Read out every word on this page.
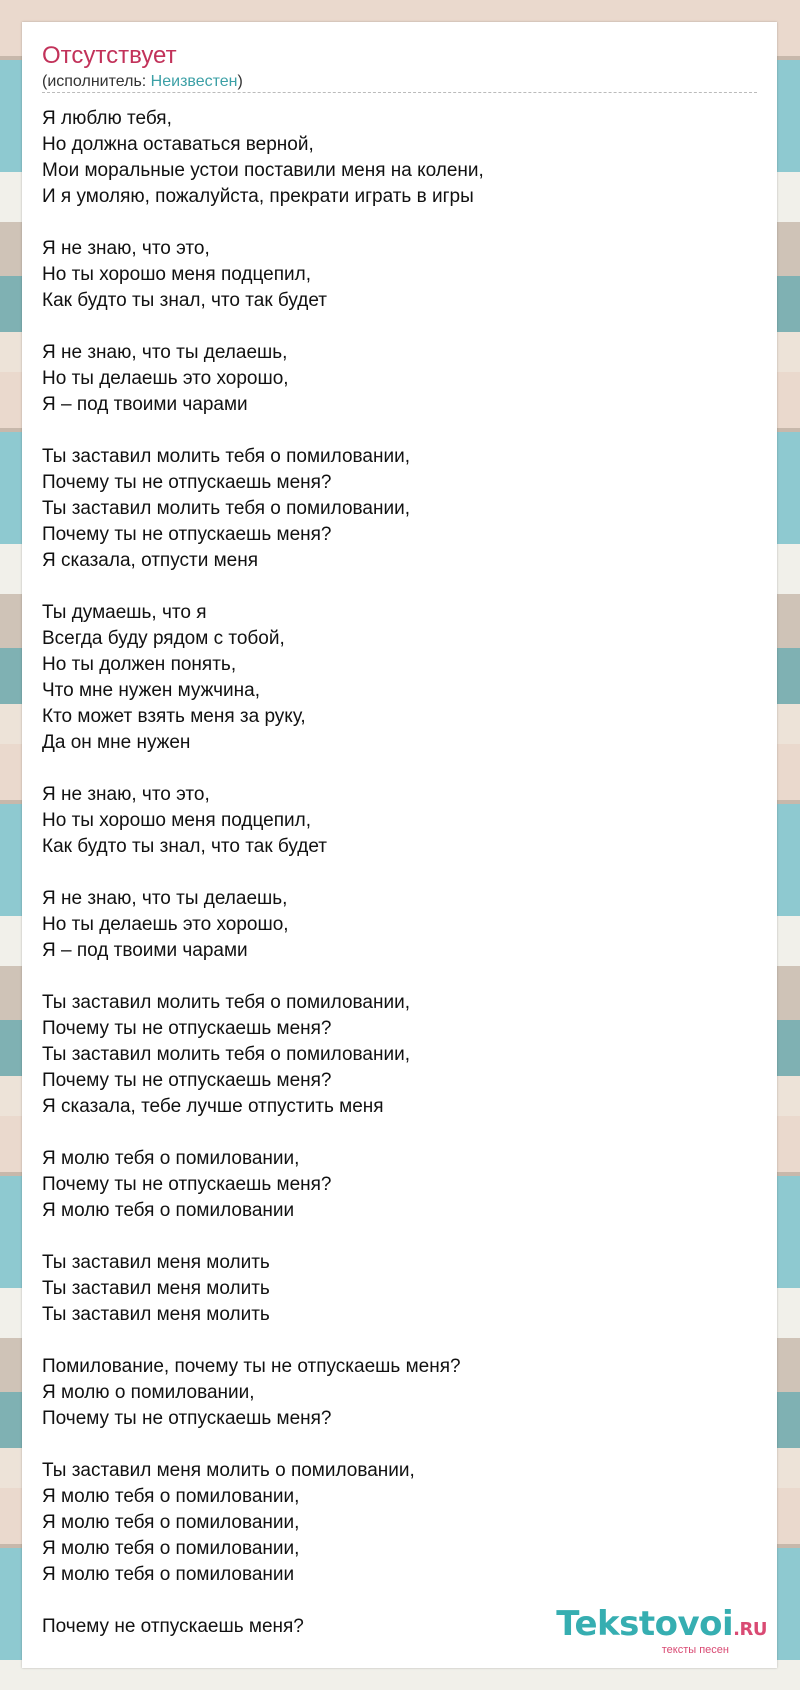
Отсутствует
(исполнитель: Неизвестен)
Я люблю тебя,
Но должна оставаться верной,
Мои моральные устои поставили меня на колени,
И я умоляю, пожалуйста, прекрати играть в игры
Я не знаю, что это,
Но ты хорошо меня подцепил,
Как будто ты знал, что так будет
Я не знаю, что ты делаешь,
Но ты делаешь это хорошо,
Я – под твоими чарами
Ты заставил молить тебя о помиловании,
Почему ты не отпускаешь меня?
Ты заставил молить тебя о помиловании,
Почему ты не отпускаешь меня?
Я сказала, отпусти меня
Ты думаешь, что я
Всегда буду рядом с тобой,
Но ты должен понять,
Что мне нужен мужчина,
Кто может взять меня за руку,
Да он мне нужен
Я не знаю, что это,
Но ты хорошо меня подцепил,
Как будто ты знал, что так будет
Я не знаю, что ты делаешь,
Но ты делаешь это хорошо,
Я – под твоими чарами
Ты заставил молить тебя о помиловании,
Почему ты не отпускаешь меня?
Ты заставил молить тебя о помиловании,
Почему ты не отпускаешь меня?
Я сказала, тебе лучше отпустить меня
Я молю тебя о помиловании,
Почему ты не отпускаешь меня?
Я молю тебя о помиловании
Ты заставил меня молить
Ты заставил меня молить
Ты заставил меня молить
Помилование, почему ты не отпускаешь меня?
Я молю о помиловании,
Почему ты не отпускаешь меня?
Ты заставил меня молить о помиловании,
Я молю тебя о помиловании,
Я молю тебя о помиловании,
Я молю тебя о помиловании,
Я молю тебя о помиловании
Почему не отпускаешь меня?	Tekstovoi.RU
тексты песен
